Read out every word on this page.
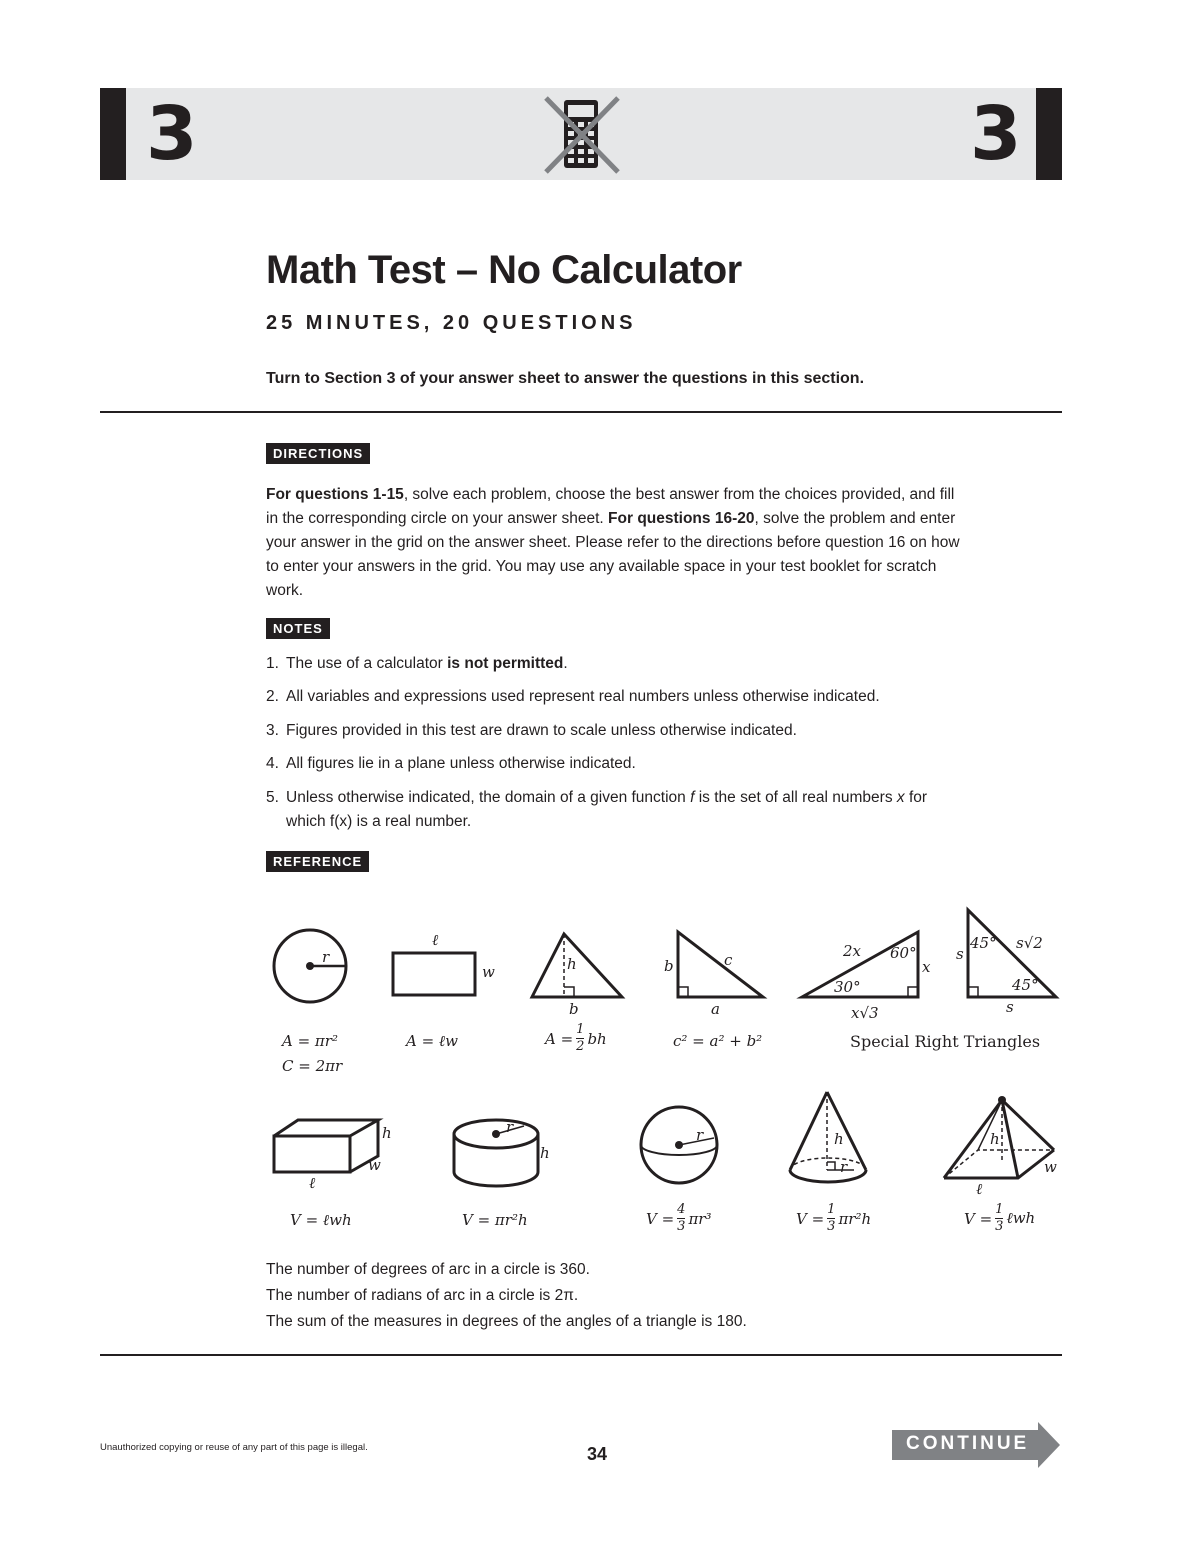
3	3
Math Test – No Calculator
25 MINUTES, 20 QUESTIONS
Turn to Section 3 of your answer sheet to answer the questions in this section.
DIRECTIONS
For questions 1-15, solve each problem, choose the best answer from the choices provided, and fill in the corresponding circle on your answer sheet. For questions 16-20, solve the problem and enter your answer in the grid on the answer sheet. Please refer to the directions before question 16 on how to enter your answers in the grid. You may use any available space in your test booklet for scratch work.
NOTES
1. The use of a calculator is not permitted.
2. All variables and expressions used represent real numbers unless otherwise indicated.
3. Figures provided in this test are drawn to scale unless otherwise indicated.
4. All figures lie in a plane unless otherwise indicated.
5. Unless otherwise indicated, the domain of a given function f is the set of all real numbers x for
which f(x) is a real number.
REFERENCE
r
ℓ
w	h
b
b	c
a
2x 60°
x
30°
x√3
s
45° s√2
45°
s
A = πr²
C = 2πr
A = ℓw	$A = \frac{1}{2}$ bh	c² = a² + b²	Special Right Triangles
h
w
ℓ
r
h
r	h
r
h
w
ℓ
V = ℓwh	V = πr²h	$V = \frac{4}{3} \pi r^3$	$V = \frac{1}{3} \pi r^2h$	$V = \frac{1}{3}$ ℓwh
The number of degrees of arc in a circle is 360.
The number of radians of arc in a circle is 2π.
The sum of the measures in degrees of the angles of a triangle is 180.
Unauthorized copying or reuse of any part of this page is illegal.	34	CONTINUE
